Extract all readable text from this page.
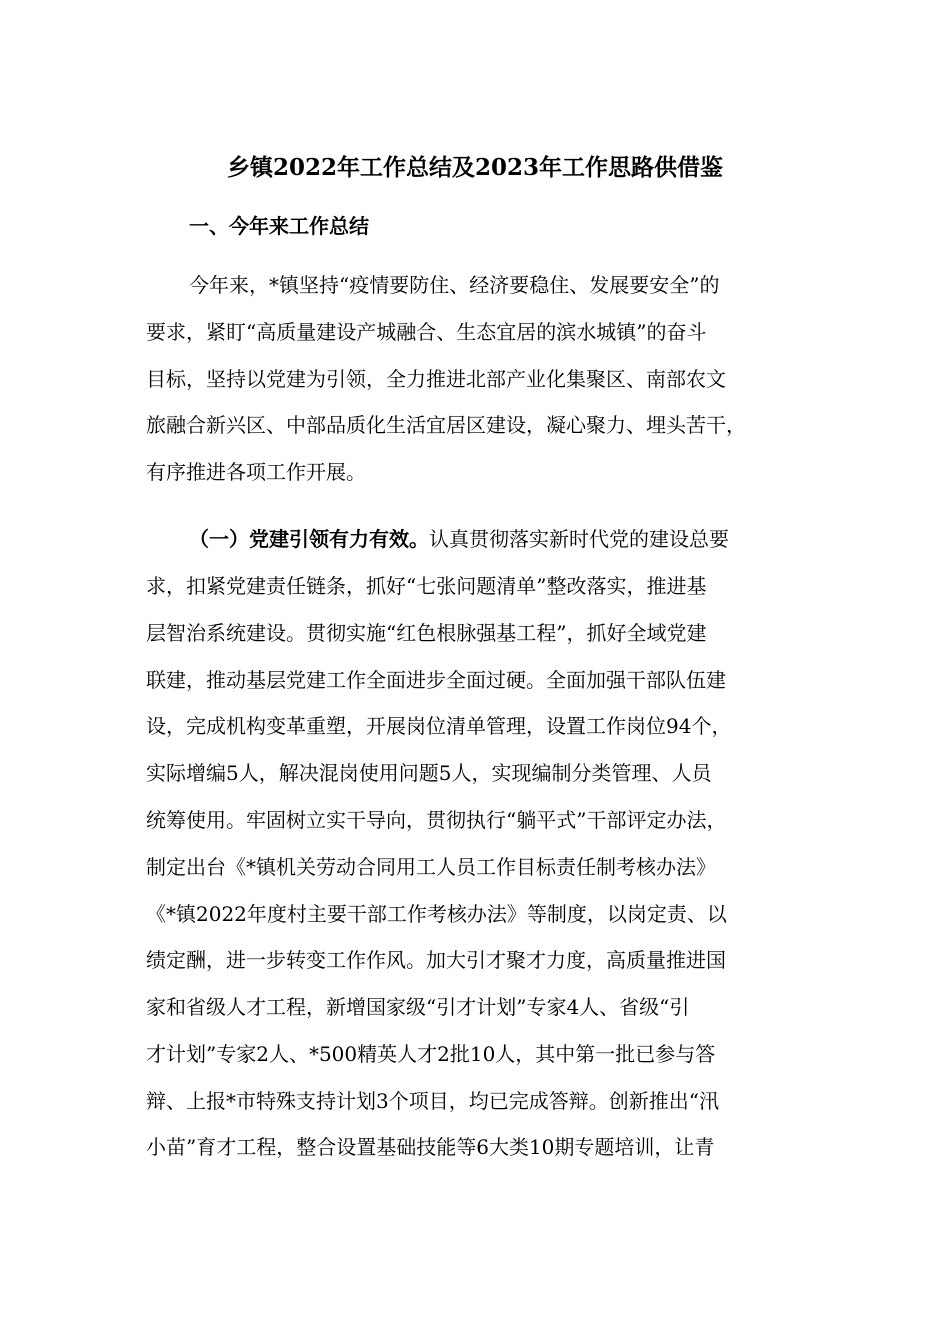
乡镇2022年工作总结及2023年工作思路供借鉴
一、今年来工作总结
今年来，*镇坚持“疫情要防住、经济要稳住、发展要安全”的
要求，紧盯“高质量建设产城融合、生态宜居的滨水城镇”的奋斗
目标，坚持以党建为引领，全力推进北部产业化集聚区、南部农文
旅融合新兴区、中部品质化生活宜居区建设，凝心聚力、埋头苦干，
有序推进各项工作开展。
（一）党建引领有力有效。认真贯彻落实新时代党的建设总要
求，扣紧党建责任链条，抓好“七张问题清单”整改落实，推进基
层智治系统建设。贯彻实施“红色根脉强基工程”，抓好全域党建
联建，推动基层党建工作全面进步全面过硬。全面加强干部队伍建
设，完成机构变革重塑，开展岗位清单管理，设置工作岗位94个，
实际增编5人，解决混岗使用问题5人，实现编制分类管理、人员
统筹使用。牢固树立实干导向，贯彻执行“躺平式”干部评定办法，
制定出台《*镇机关劳动合同用工人员工作目标责任制考核办法》
《*镇2022年度村主要干部工作考核办法》等制度，以岗定责、以
绩定酬，进一步转变工作作风。加大引才聚才力度，高质量推进国
家和省级人才工程，新增国家级“引才计划”专家4人、省级“引
才计划”专家2人、*500精英人才2批10人，其中第一批已参与答
辩、上报*市特殊支持计划3个项目，均已完成答辩。创新推出“汛
小苗”育才工程，整合设置基础技能等6大类10期专题培训，让青
